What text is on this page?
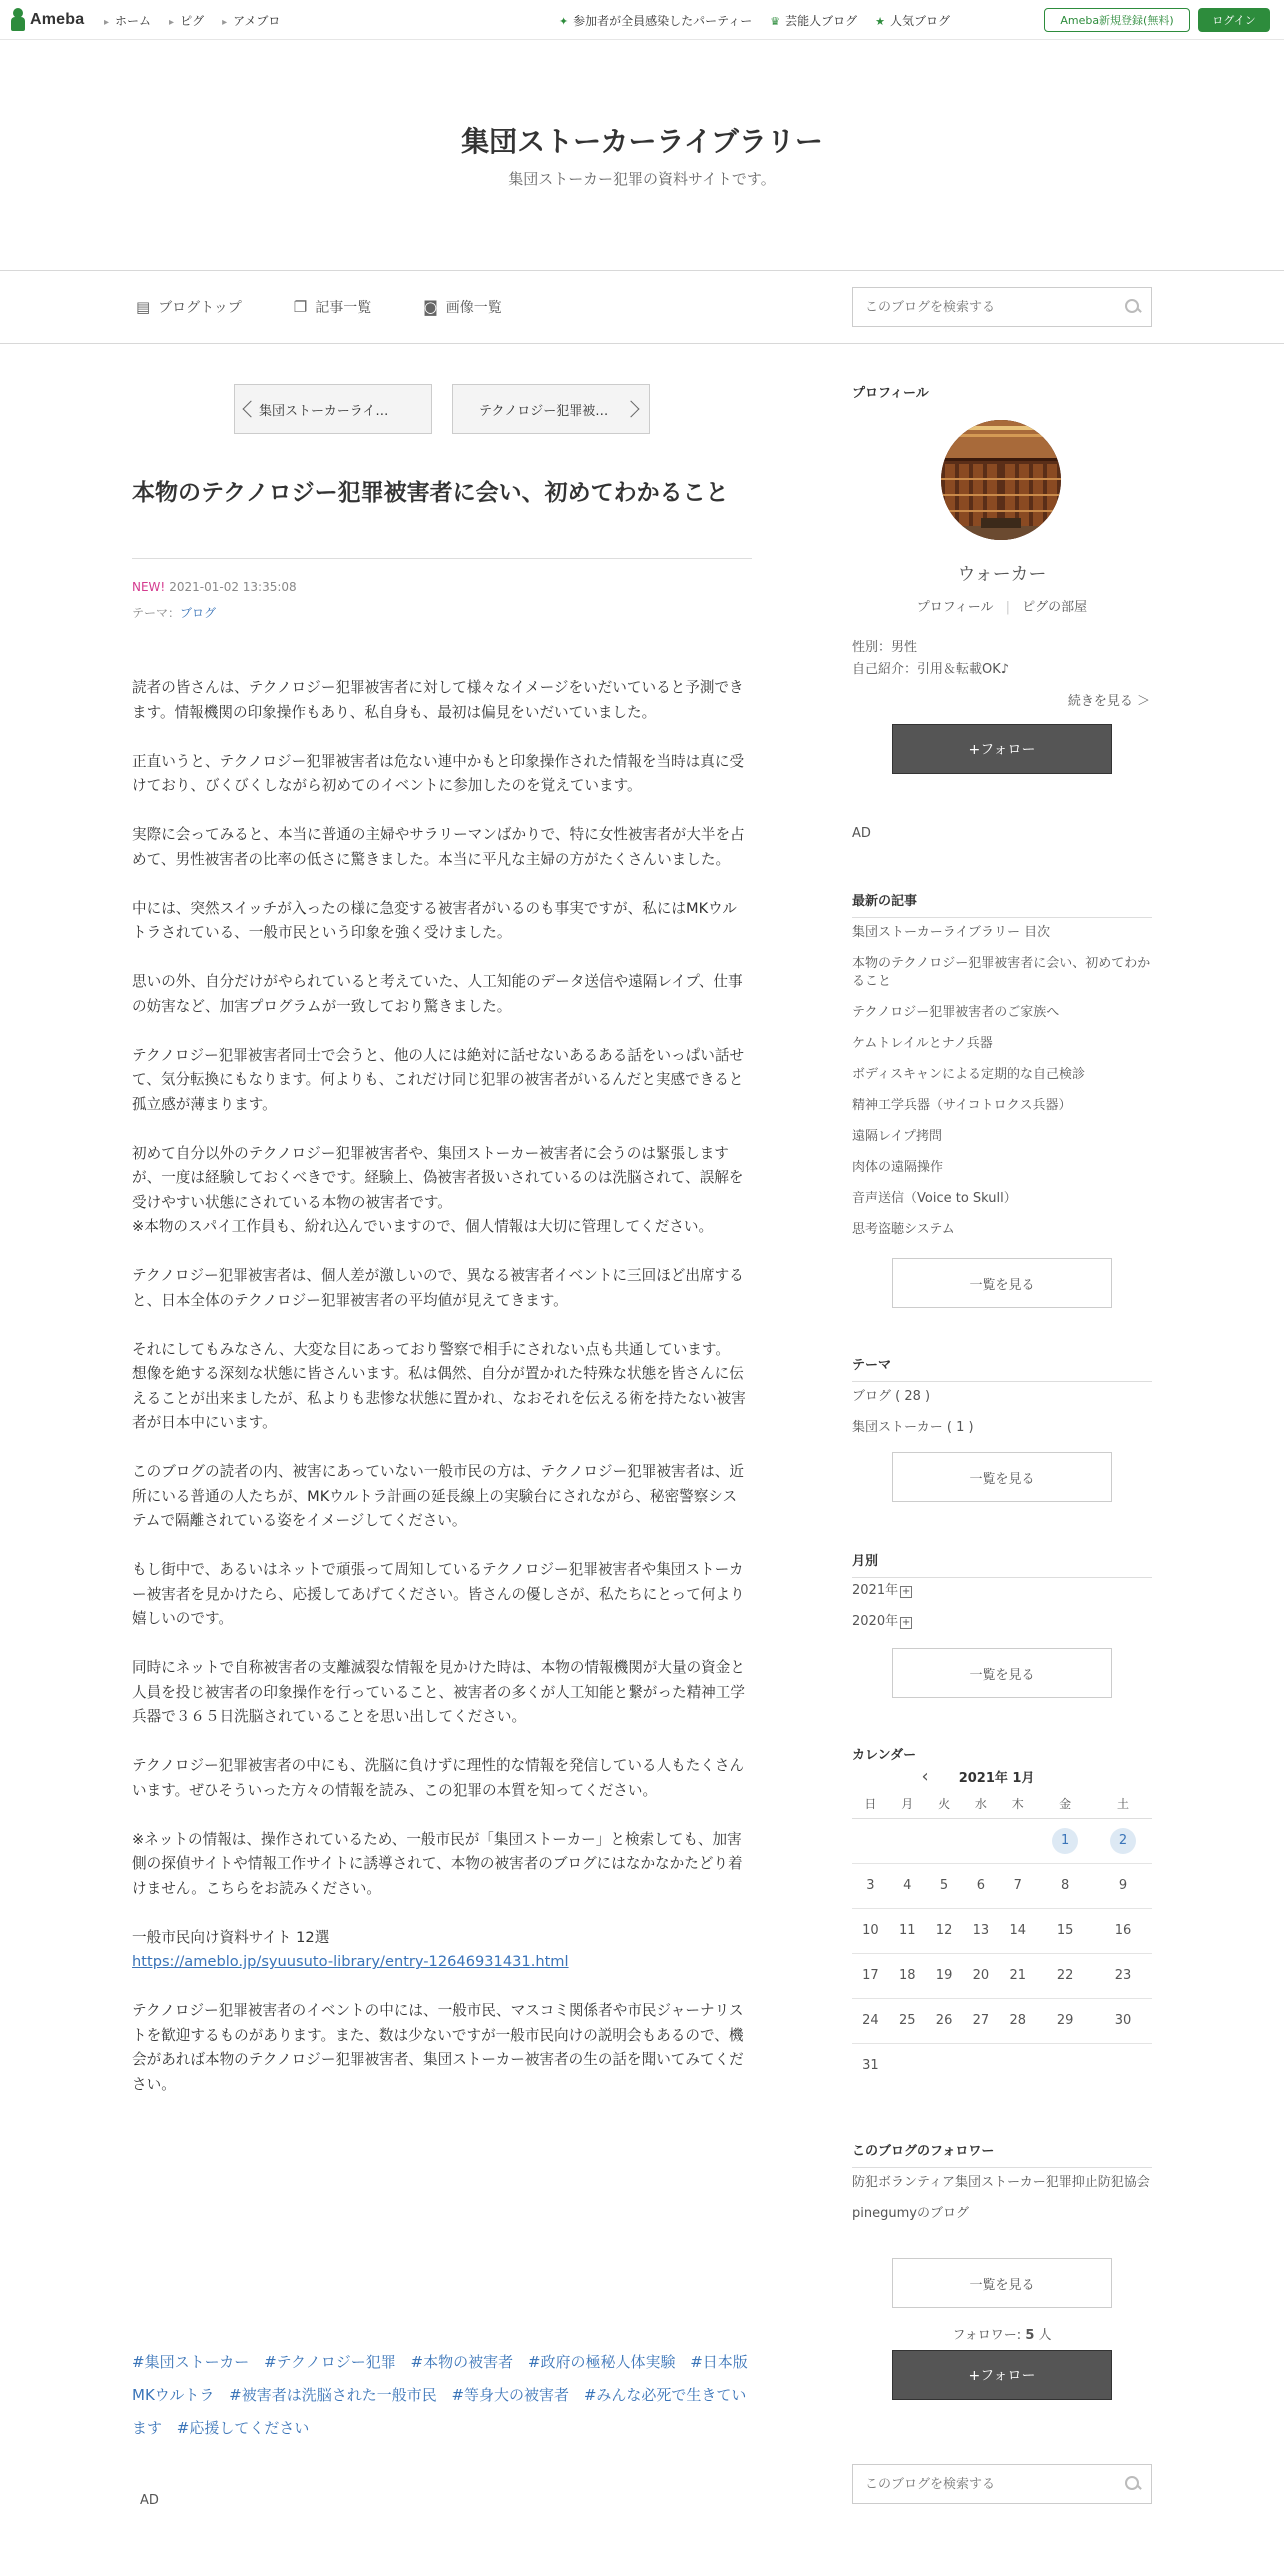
Ameba	▸ ホーム	▸ ピグ	▸ アメブロ	✦ 参加者が全員感染したパーティー ♛ 芸能人ブログ ★ 人気ブログ	Ameba新規登録(無料)	ログイン
集団ストーカーライブラリー
集団ストーカー犯罪の資料サイトです。
▤ ブログトップ	❐ 記事一覧	◙ 画像一覧
このブログを検索する
集団ストーカーライ…	テクノロジー犯罪被…
本物のテクノロジー犯罪被害者に会い、初めてわかること
NEW! 2021-01-02 13:35:08
テーマ：ブログ

読者の皆さんは、テクノロジー犯罪被害者に対して様々なイメージをいだいていると予測できます。情報機関の印象操作もあり、私自身も、最初は偏見をいだいていました。

正直いうと、テクノロジー犯罪被害者は危ない連中かもと印象操作された情報を当時は真に受けており、びくびくしながら初めてのイベントに参加したのを覚えています。

実際に会ってみると、本当に普通の主婦やサラリーマンばかりで、特に女性被害者が大半を占めて、男性被害者の比率の低さに驚きました。本当に平凡な主婦の方がたくさんいました。

中には、突然スイッチが入ったの様に急変する被害者がいるのも事実ですが、私にはMKウルトラされている、一般市民という印象を強く受けました。

思いの外、自分だけがやられていると考えていた、人工知能のデータ送信や遠隔レイプ、仕事の妨害など、加害プログラムが一致しており驚きました。

テクノロジー犯罪被害者同士で会うと、他の人には絶対に話せないあるある話をいっぱい話せて、気分転換にもなります。何よりも、これだけ同じ犯罪の被害者がいるんだと実感できると孤立感が薄まります。

初めて自分以外のテクノロジー犯罪被害者や、集団ストーカー被害者に会うのは緊張しますが、一度は経験しておくべきです。経験上、偽被害者扱いされているのは洗脳されて、誤解を受けやすい状態にされている本物の被害者です。
※本物のスパイ工作員も、紛れ込んでいますので、個人情報は大切に管理してください。

テクノロジー犯罪被害者は、個人差が激しいので、異なる被害者イベントに三回ほど出席すると、日本全体のテクノロジー犯罪被害者の平均値が見えてきます。

それにしてもみなさん、大変な目にあっており警察で相手にされない点も共通しています。
想像を絶する深刻な状態に皆さんいます。私は偶然、自分が置かれた特殊な状態を皆さんに伝えることが出来ましたが、私よりも悲惨な状態に置かれ、なおそれを伝える術を持たない被害者が日本中にいます。

このブログの読者の内、被害にあっていない一般市民の方は、テクノロジー犯罪被害者は、近所にいる普通の人たちが、MKウルトラ計画の延長線上の実験台にされながら、秘密警察システムで隔離されている姿をイメージしてください。

もし街中で、あるいはネットで頑張って周知しているテクノロジー犯罪被害者や集団ストーカー被害者を見かけたら、応援してあげてください。皆さんの優しさが、私たちにとって何より嬉しいのです。

同時にネットで自称被害者の支離滅裂な情報を見かけた時は、本物の情報機関が大量の資金と人員を投じ被害者の印象操作を行っていること、被害者の多くが人工知能と繋がった精神工学兵器で３６５日洗脳されていることを思い出してください。

テクノロジー犯罪被害者の中にも、洗脳に負けずに理性的な情報を発信している人もたくさんいます。ぜひそういった方々の情報を読み、この犯罪の本質を知ってください。

※ネットの情報は、操作されているため、一般市民が「集団ストーカー」と検索しても、加害側の探偵サイトや情報工作サイトに誘導されて、本物の被害者のブログにはなかなかたどり着けません。こちらをお読みください。

一般市民向け資料サイト 12選
https://ameblo.jp/syuusuto-library/entry-12646931431.html

テクノロジー犯罪被害者のイベントの中には、一般市民、マスコミ関係者や市民ジャーナリストを歓迎するものがあります。また、数は少ないですが一般市民向けの説明会もあるので、機会があれば本物のテクノロジー犯罪被害者、集団ストーカー被害者の生の話を聞いてみてください。

#集団ストーカー #テクノロジー犯罪 #本物の被害者 #政府の極秘人体実験 #日本版MKウルトラ #被害者は洗脳された一般市民 #等身大の被害者 #みんな必死で生きています #応援してください
AD
プロフィール
ウォーカー
プロフィール | ピグの部屋
性別：男性
自己紹介：引用＆転載OK♪
続きを見る ＞
+フォロー
AD
最新の記事
集団ストーカーライブラリー 目次
本物のテクノロジー犯罪被害者に会い、初めてわかること
テクノロジー犯罪被害者のご家族へ
ケムトレイルとナノ兵器
ボディスキャンによる定期的な自己検診
精神工学兵器（サイコトロクス兵器）
遠隔レイプ拷問
肉体の遠隔操作
音声送信（Voice to Skull）
思考盗聴システム
一覧を見る
テーマ
ブログ ( 28 )
集団ストーカー ( 1 )
一覧を見る
月別
2021年 +
2020年 +
一覧を見る
カレンダー
‹ 2021年 1月
日	月	火	水	木	金	土
					1	2
3	4	5	6	7	8	9
10	11	12	13	14	15	16
17	18	19	20	21	22	23
24	25	26	27	28	29	30
31						
このブログのフォロワー
防犯ボランティア集団ストーカー犯罪抑止防犯協会
pinegumyのブログ
一覧を見る
フォロワー: 5 人
+フォロー
このブログを検索する
